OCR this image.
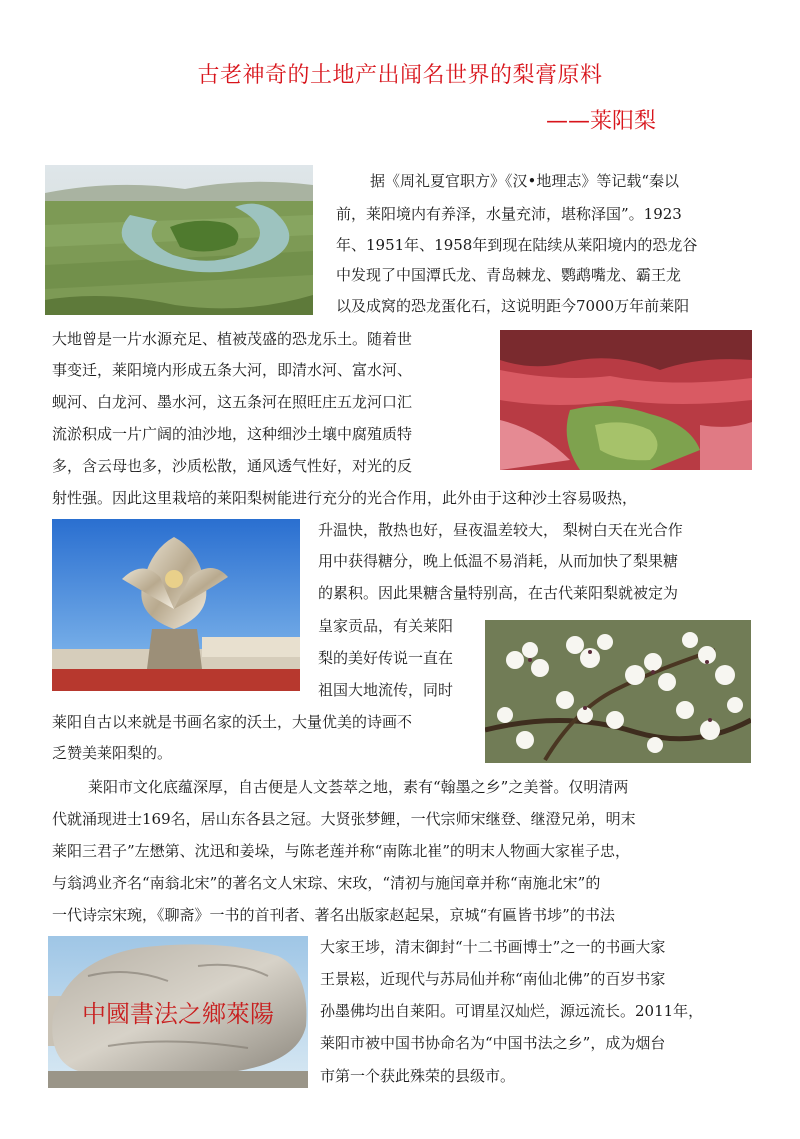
古老神奇的土地产出闻名世界的梨膏原料
——莱阳梨
据《周礼夏官职方》《汉•地理志》等记载“秦以
前，莱阳境内有养泽，水量充沛，堪称泽国”。1923
年、1951年、1958年到现在陆续从莱阳境内的恐龙谷
中发现了中国潭氏龙、青岛棘龙、鹦鹉嘴龙、霸王龙
以及成窝的恐龙蛋化石，这说明距今7000万年前莱阳
大地曾是一片水源充足、植被茂盛的恐龙乐土。随着世
事变迁，莱阳境内形成五条大河，即清水河、富水河、
蚬河、白龙河、墨水河，这五条河在照旺庄五龙河口汇
流淤积成一片广阔的油沙地，这种细沙土壤中腐殖质特
多，含云母也多，沙质松散，通风透气性好，对光的反
射性强。因此这里栽培的莱阳梨树能进行充分的光合作用，此外由于这种沙土容易吸热，
升温快，散热也好，昼夜温差较大， 梨树白天在光合作
用中获得糖分，晚上低温不易消耗，从而加快了梨果糖
的累积。因此果糖含量特别高，在古代莱阳梨就被定为
皇家贡品，有关莱阳
梨的美好传说一直在
祖国大地流传，同时
莱阳自古以来就是书画名家的沃土，大量优美的诗画不
乏赞美莱阳梨的。
莱阳市文化底蕴深厚，自古便是人文荟萃之地，素有“翰墨之乡”之美誉。仅明清两
代就涌现进士169名，居山东各县之冠。大贤张梦鲤，一代宗师宋继登、继澄兄弟，明末
莱阳三君子”左懋第、沈迅和姜垛，与陈老莲并称“南陈北崔”的明末人物画大家崔子忠，
与翁鸿业齐名“南翁北宋”的著名文人宋琮、宋玫，“清初与施闰章并称“南施北宋”的
一代诗宗宋琬，《聊斋》一书的首刊者、著名出版家赵起杲，京城“有匾皆书埗”的书法
大家王埗，清末御封“十二书画博士”之一的书画大家
王景崧，近现代与苏局仙并称“南仙北佛”的百岁书家
孙墨佛均出自莱阳。可谓星汉灿烂，源远流长。2011年，
莱阳市被中国书协命名为“中国书法之乡”，成为烟台
市第一个获此殊荣的县级市。
中國書法之鄉萊陽
